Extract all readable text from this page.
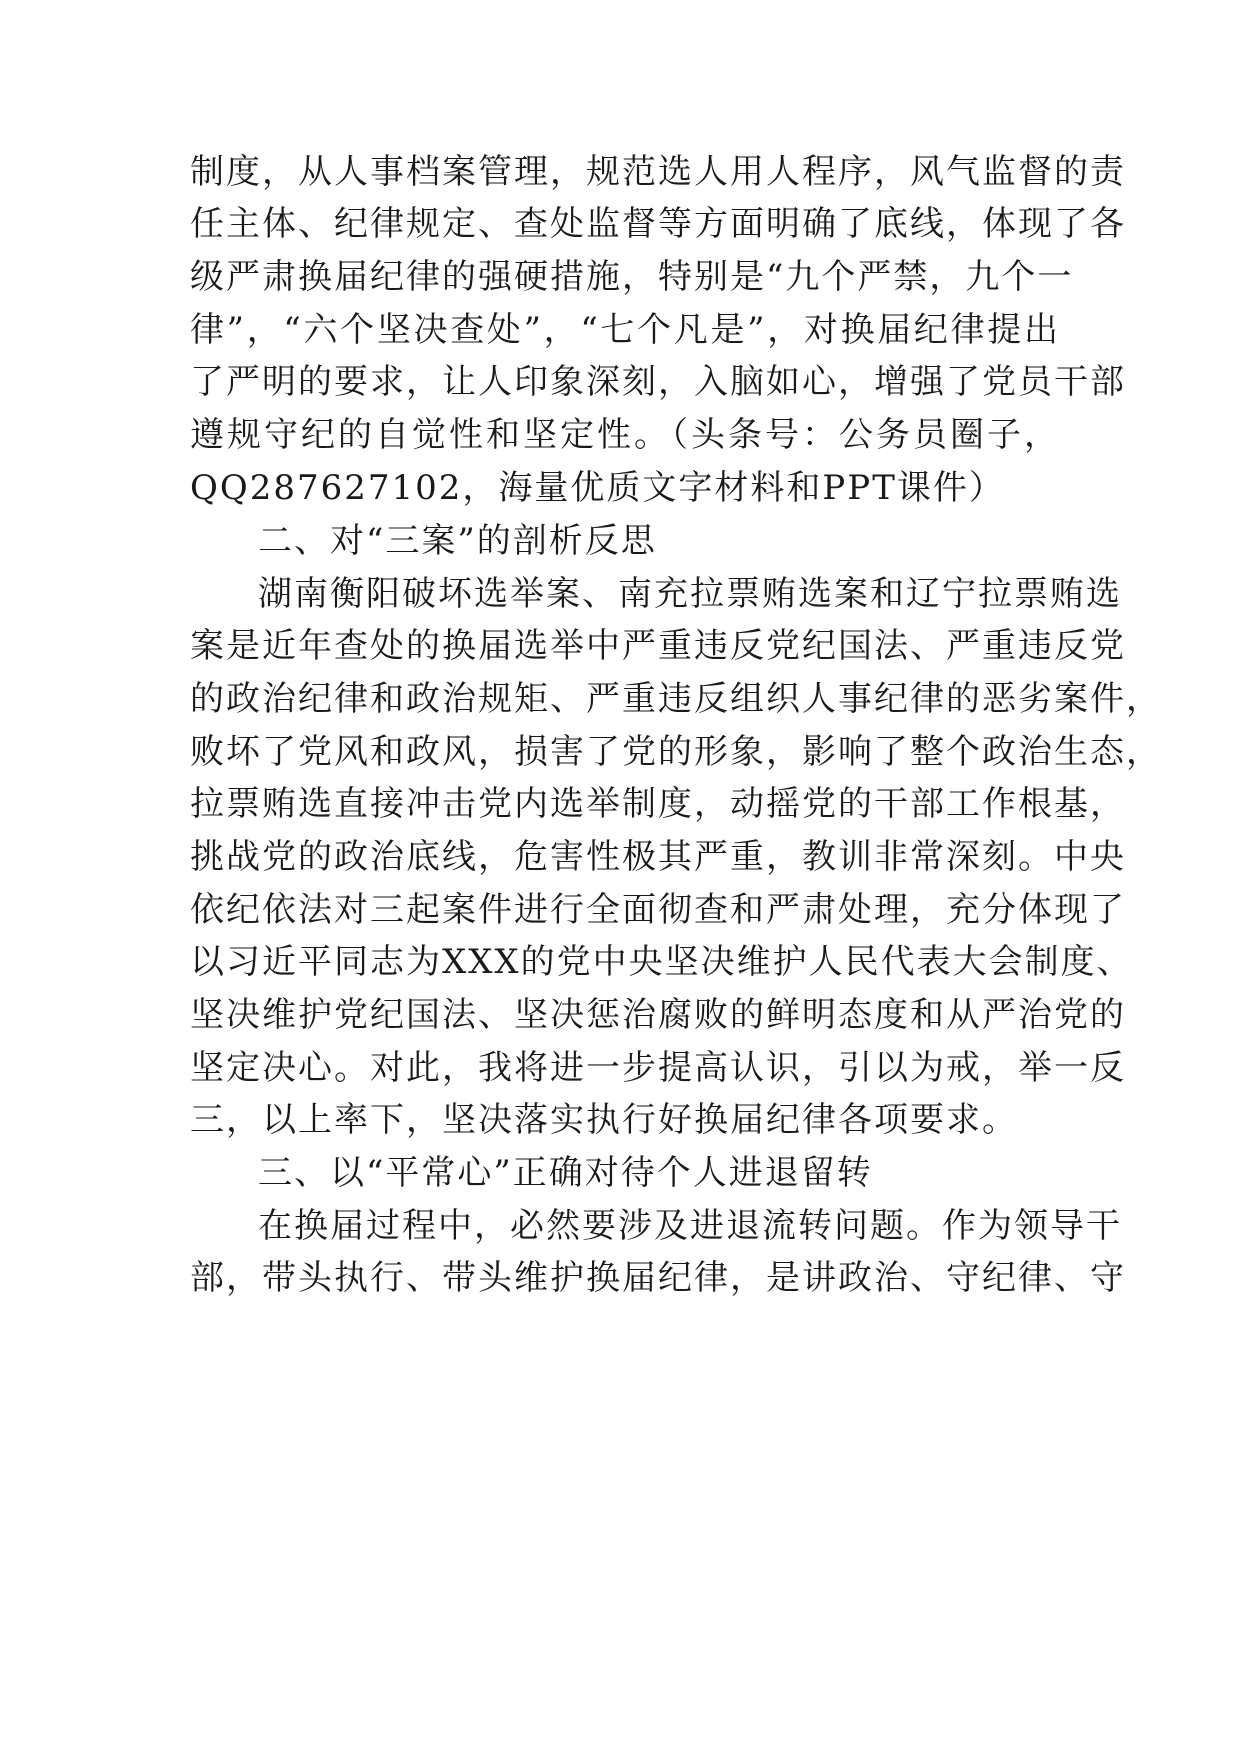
制度，从人事档案管理，规范选人用人程序，风气监督的责
任主体、纪律规定、查处监督等方面明确了底线，体现了各
级严肃换届纪律的强硬措施，特别是“九个严禁，九个一
律”，“六个坚决查处”，“七个凡是”，对换届纪律提出
了严明的要求，让人印象深刻，入脑如心，增强了党员干部
遵规守纪的自觉性和坚定性。（头条号：公务员圈子，
QQ287627102，海量优质文字材料和PPT课件）
二、对“三案”的剖析反思
湖南衡阳破坏选举案、南充拉票贿选案和辽宁拉票贿选
案是近年查处的换届选举中严重违反党纪国法、严重违反党
的政治纪律和政治规矩、严重违反组织人事纪律的恶劣案件，
败坏了党风和政风，损害了党的形象，影响了整个政治生态，
拉票贿选直接冲击党内选举制度，动摇党的干部工作根基，
挑战党的政治底线，危害性极其严重，教训非常深刻。中央
依纪依法对三起案件进行全面彻查和严肃处理，充分体现了
以习近平同志为XXX的党中央坚决维护人民代表大会制度、
坚决维护党纪国法、坚决惩治腐败的鲜明态度和从严治党的
坚定决心。对此，我将进一步提高认识，引以为戒，举一反
三，以上率下，坚决落实执行好换届纪律各项要求。
三、以“平常心”正确对待个人进退留转
在换届过程中，必然要涉及进退流转问题。作为领导干
部，带头执行、带头维护换届纪律，是讲政治、守纪律、守
